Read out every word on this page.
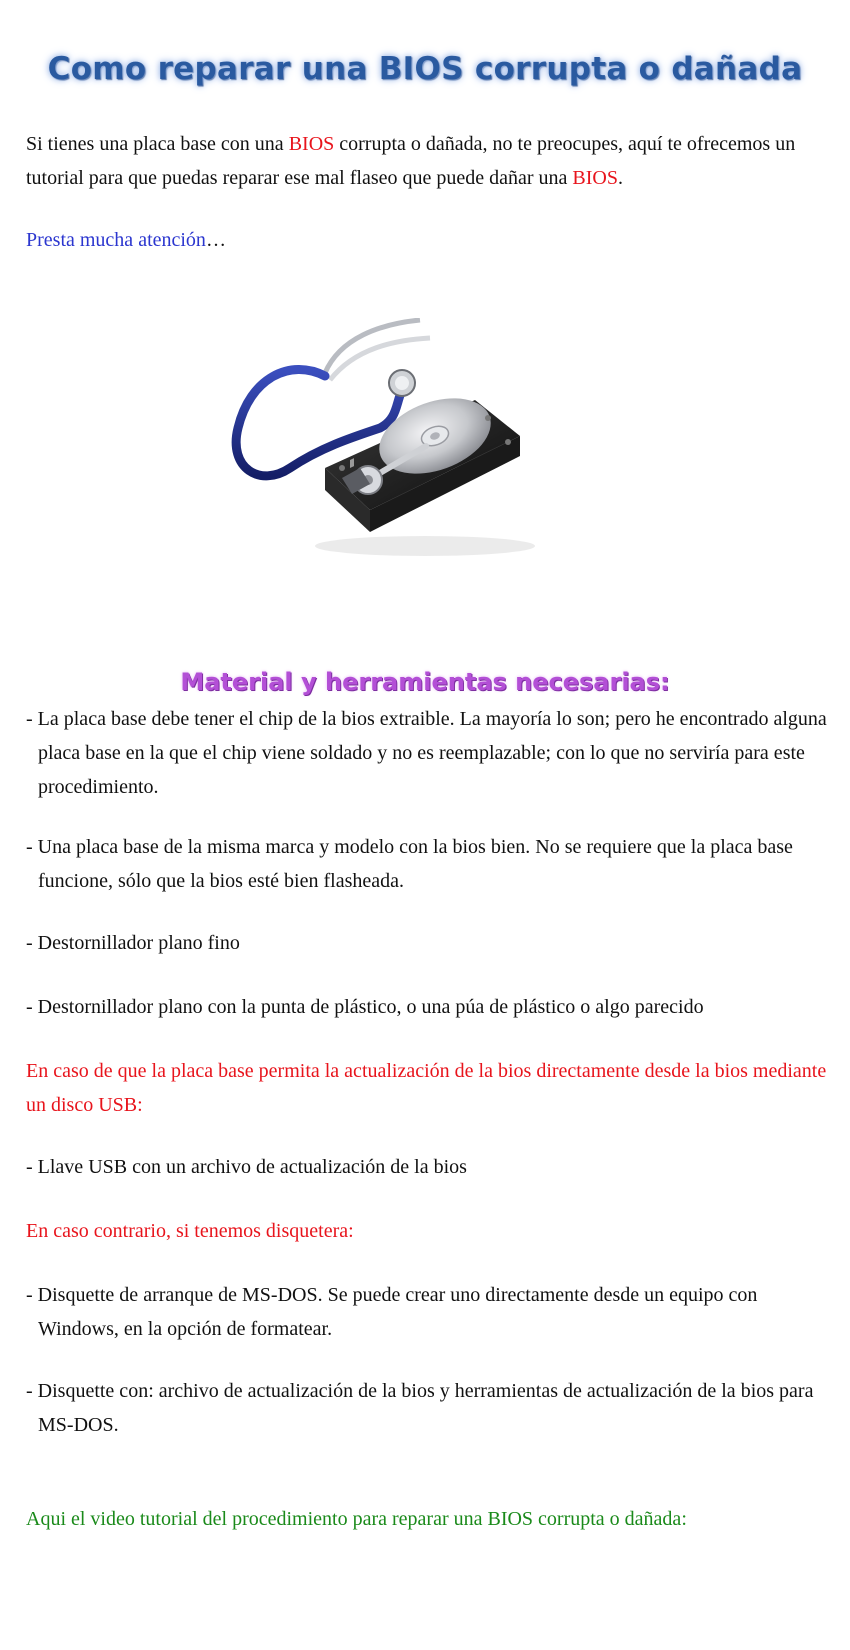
Como reparar una BIOS corrupta o dañada

Si tienes una placa base con una BIOS corrupta o dañada, no te preocupes, aquí te ofrecemos un tutorial para que puedas reparar ese mal flaseo que puede dañar una BIOS.

Presta mucha atención…

Material y herramientas necesarias:

- La placa base debe tener el chip de la bios extraible. La mayoría lo son; pero he encontrado alguna placa base en la que el chip viene soldado y no es reemplazable; con lo que no serviría para este procedimiento.

- Una placa base de la misma marca y modelo con la bios bien. No se requiere que la placa base funcione, sólo que la bios esté bien flasheada.

- Destornillador plano fino

- Destornillador plano con la punta de plástico, o una púa de plástico o algo parecido

En caso de que la placa base permita la actualización de la bios directamente desde la bios mediante un disco USB:

- Llave USB con un archivo de actualización de la bios

En caso contrario, si tenemos disquetera:

- Disquette de arranque de MS-DOS. Se puede crear uno directamente desde un equipo con Windows, en la opción de formatear.

- Disquette con: archivo de actualización de la bios y herramientas de actualización de la bios para MS-DOS.

Aqui el video tutorial del procedimiento para reparar una BIOS corrupta o dañada:
